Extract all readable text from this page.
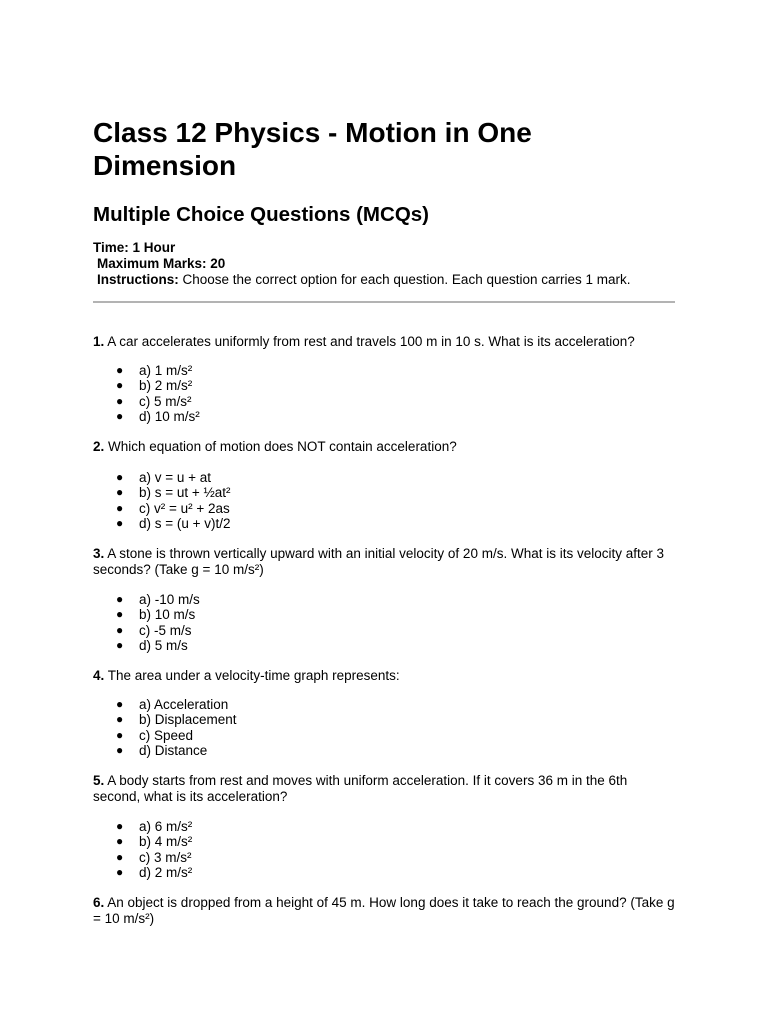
Class 12 Physics - Motion in One Dimension
Multiple Choice Questions (MCQs)
Time: 1 Hour
Maximum Marks: 20
Instructions: Choose the correct option for each question. Each question carries 1 mark.
1. A car accelerates uniformly from rest and travels 100 m in 10 s. What is its acceleration?
● a) 1 m/s²
● b) 2 m/s²
● c) 5 m/s²
● d) 10 m/s²
2. Which equation of motion does NOT contain acceleration?
● a) v = u + at
● b) s = ut + ½at²
● c) v² = u² + 2as
● d) s = (u + v)t/2
3. A stone is thrown vertically upward with an initial velocity of 20 m/s. What is its velocity after 3 seconds? (Take g = 10 m/s²)
● a) -10 m/s
● b) 10 m/s
● c) -5 m/s
● d) 5 m/s
4. The area under a velocity-time graph represents:
● a) Acceleration
● b) Displacement
● c) Speed
● d) Distance
5. A body starts from rest and moves with uniform acceleration. If it covers 36 m in the 6th second, what is its acceleration?
● a) 6 m/s²
● b) 4 m/s²
● c) 3 m/s²
● d) 2 m/s²
6. An object is dropped from a height of 45 m. How long does it take to reach the ground? (Take g = 10 m/s²)
